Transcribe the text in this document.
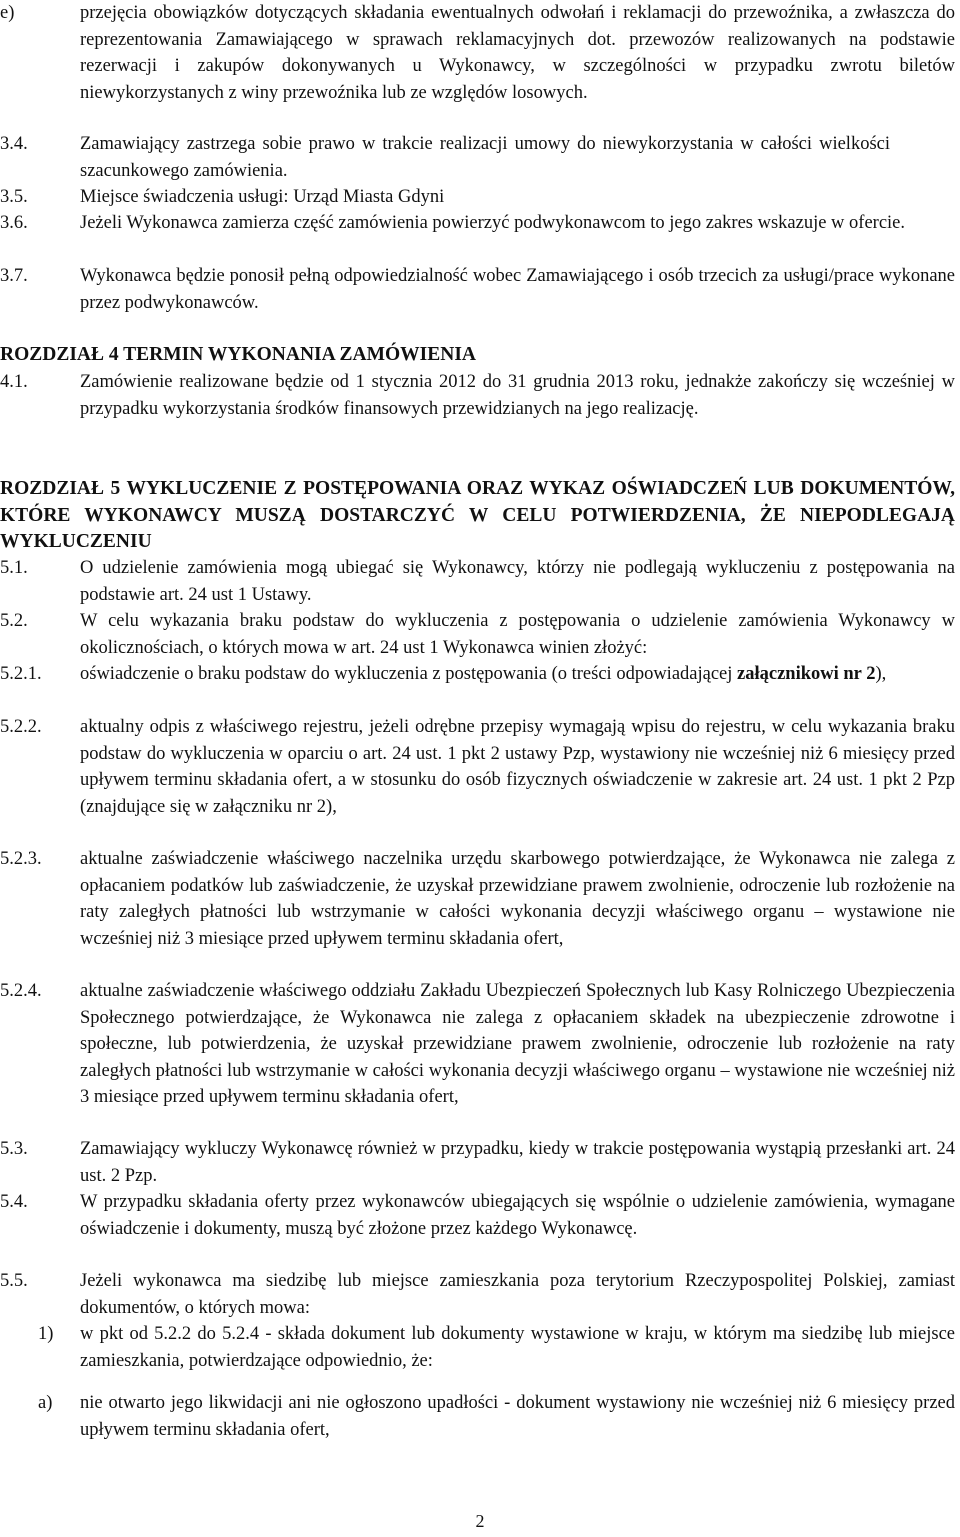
e)	przejęcia obowiązków dotyczących składania ewentualnych odwołań i reklamacji do przewoźnika, a zwłaszcza do reprezentowania Zamawiającego w sprawach reklamacyjnych dot. przewozów realizowanych na podstawie rezerwacji i zakupów dokonywanych u Wykonawcy, w szczególności w przypadku zwrotu biletów niewykorzystanych z winy przewoźnika lub ze względów losowych.
3.4.	Zamawiający zastrzega sobie prawo w trakcie realizacji umowy do niewykorzystania w całości wielkości szacunkowego zamówienia.
3.5.	Miejsce świadczenia usługi: Urząd Miasta Gdyni
3.6.	Jeżeli Wykonawca zamierza część zamówienia powierzyć podwykonawcom to jego zakres wskazuje w ofercie.
3.7.	Wykonawca będzie ponosił pełną odpowiedzialność wobec Zamawiającego i osób trzecich za usługi/prace wykonane przez podwykonawców.
ROZDZIAŁ 4 TERMIN WYKONANIA ZAMÓWIENIA
4.1.	Zamówienie realizowane będzie od 1 stycznia 2012 do 31 grudnia 2013 roku, jednakże zakończy się wcześniej w przypadku wykorzystania środków finansowych przewidzianych na jego realizację.
ROZDZIAŁ 5 WYKLUCZENIE Z POSTĘPOWANIA ORAZ WYKAZ OŚWIADCZEŃ LUB DOKUMENTÓW, KTÓRE WYKONAWCY MUSZĄ DOSTARCZYĆ W CELU POTWIERDZENIA, ŻE NIEPODLEGAJĄ WYKLUCZENIU
5.1.	O udzielenie zamówienia mogą ubiegać się Wykonawcy, którzy nie podlegają wykluczeniu z postępowania na podstawie art. 24 ust 1 Ustawy.
5.2.	W celu wykazania braku podstaw do wykluczenia z postępowania o udzielenie zamówienia Wykonawcy w okolicznościach, o których mowa w art. 24 ust 1 Wykonawca winien złożyć:
5.2.1. oświadczenie o braku podstaw do wykluczenia z postępowania (o treści odpowiadającej załącznikowi nr 2),
5.2.2. aktualny odpis z właściwego rejestru, jeżeli odrębne przepisy wymagają wpisu do rejestru, w celu wykazania braku podstaw do wykluczenia w oparciu o art. 24 ust. 1 pkt 2 ustawy Pzp, wystawiony nie wcześniej niż 6 miesięcy przed upływem terminu składania ofert, a w stosunku do osób fizycznych oświadczenie w zakresie art. 24 ust. 1 pkt 2 Pzp (znajdujące się w załączniku nr 2),
5.2.3. aktualne zaświadczenie właściwego naczelnika urzędu skarbowego potwierdzające, że Wykonawca nie zalega z opłacaniem podatków lub zaświadczenie, że uzyskał przewidziane prawem zwolnienie, odroczenie lub rozłożenie na raty zaległych płatności lub wstrzymanie w całości wykonania decyzji właściwego organu – wystawione nie wcześniej niż 3 miesiące przed upływem terminu składania ofert,
5.2.4. aktualne zaświadczenie właściwego oddziału Zakładu Ubezpieczeń Społecznych lub Kasy Rolniczego Ubezpieczenia Społecznego potwierdzające, że Wykonawca nie zalega z opłacaniem składek na ubezpieczenie zdrowotne i społeczne, lub potwierdzenia, że uzyskał przewidziane prawem zwolnienie, odroczenie lub rozłożenie na raty zaległych płatności lub wstrzymanie w całości wykonania decyzji właściwego organu – wystawione nie wcześniej niż 3 miesiące przed upływem terminu składania ofert,
5.3.	Zamawiający wykluczy Wykonawcę również w przypadku, kiedy w trakcie postępowania wystąpią przesłanki art. 24 ust. 2 Pzp.
5.4.	W przypadku składania oferty przez wykonawców ubiegających się wspólnie o udzielenie zamówienia, wymagane oświadczenie i dokumenty, muszą być złożone przez każdego Wykonawcę.
5.5.	Jeżeli wykonawca ma siedzibę lub miejsce zamieszkania poza terytorium Rzeczypospolitej Polskiej, zamiast dokumentów, o których mowa:
1) w pkt od 5.2.2 do 5.2.4 - składa dokument lub dokumenty wystawione w kraju, w którym ma siedzibę lub miejsce zamieszkania, potwierdzające odpowiednio, że:
a) nie otwarto jego likwidacji ani nie ogłoszono upadłości - dokument wystawiony nie wcześniej niż 6 miesięcy przed upływem terminu składania ofert,
2
